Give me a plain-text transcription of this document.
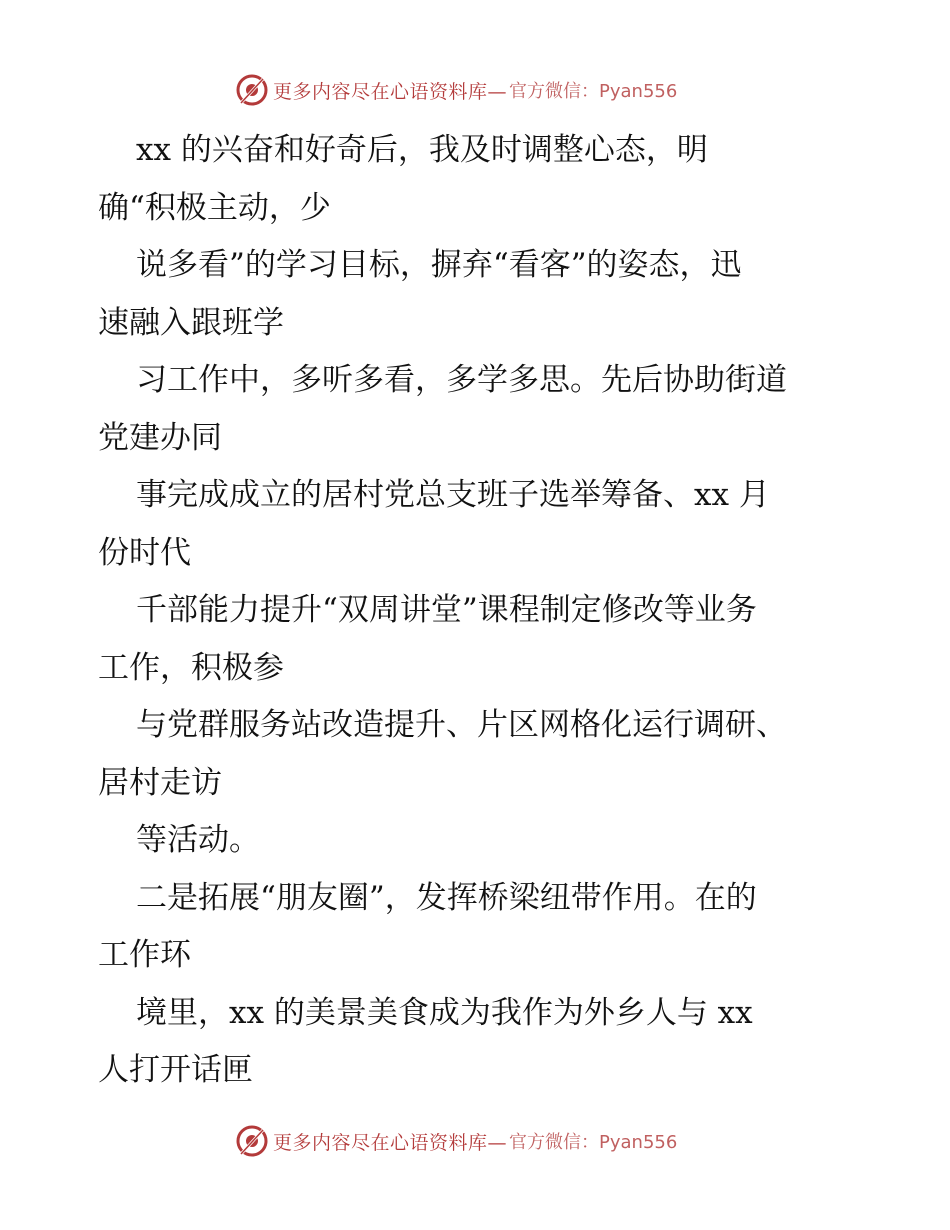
更多内容尽在心语资料库— 官方微信：Pyan556
xx 的兴奋和好奇后，我及时调整心态，明
确“积极主动，少
说多看”的学习目标，摒弃“看客”的姿态，迅
速融入跟班学
习工作中，多听多看，多学多思。先后协助街道
党建办同
事完成成立的居村党总支班子选举筹备、xx 月
份时代
千部能力提升“双周讲堂”课程制定修改等业务
工作，积极参
与党群服务站改造提升、片区网格化运行调研、
居村走访
等活动。
二是拓展“朋友圈”，发挥桥梁纽带作用。在的
工作环
境里，xx 的美景美食成为我作为外乡人与 xx
人打开话匣
更多内容尽在心语资料库— 官方微信：Pyan556
